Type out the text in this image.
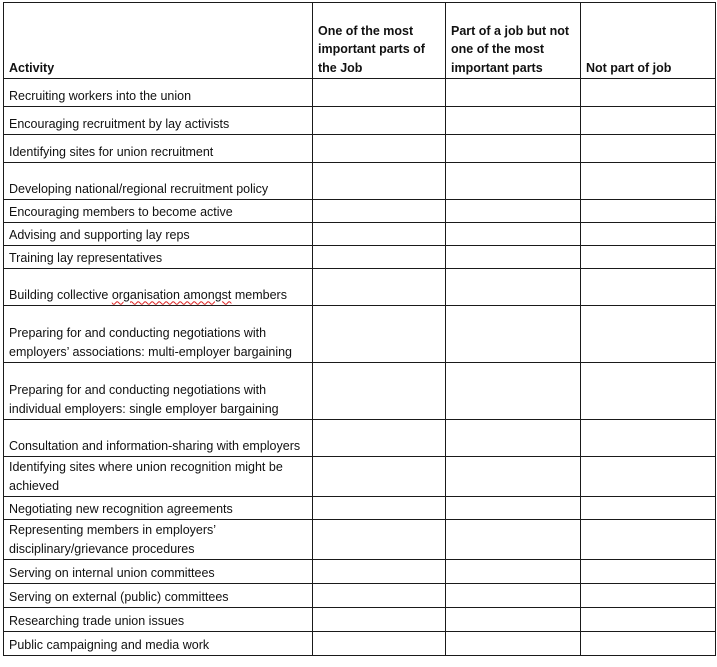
Activity	One of the most important parts of the Job	Part of a job but not one of the most important parts	Not part of job
Recruiting workers into the union			
Encouraging recruitment by lay activists			
Identifying sites for union recruitment			
Developing national/regional recruitment policy			
Encouraging members to become active			
Advising and supporting lay reps			
Training lay representatives			
Building collective organisation amongst members			
Preparing for and conducting negotiations with employers’ associations: multi-employer bargaining			
Preparing for and conducting negotiations with individual employers: single employer bargaining			
Consultation and information-sharing with employers			
Identifying sites where union recognition might be achieved			
Negotiating new recognition agreements			
Representing members in employers’ disciplinary/grievance procedures			
Serving on internal union committees			
Serving on external (public) committees			
Researching trade union issues			
Public campaigning and media work			
